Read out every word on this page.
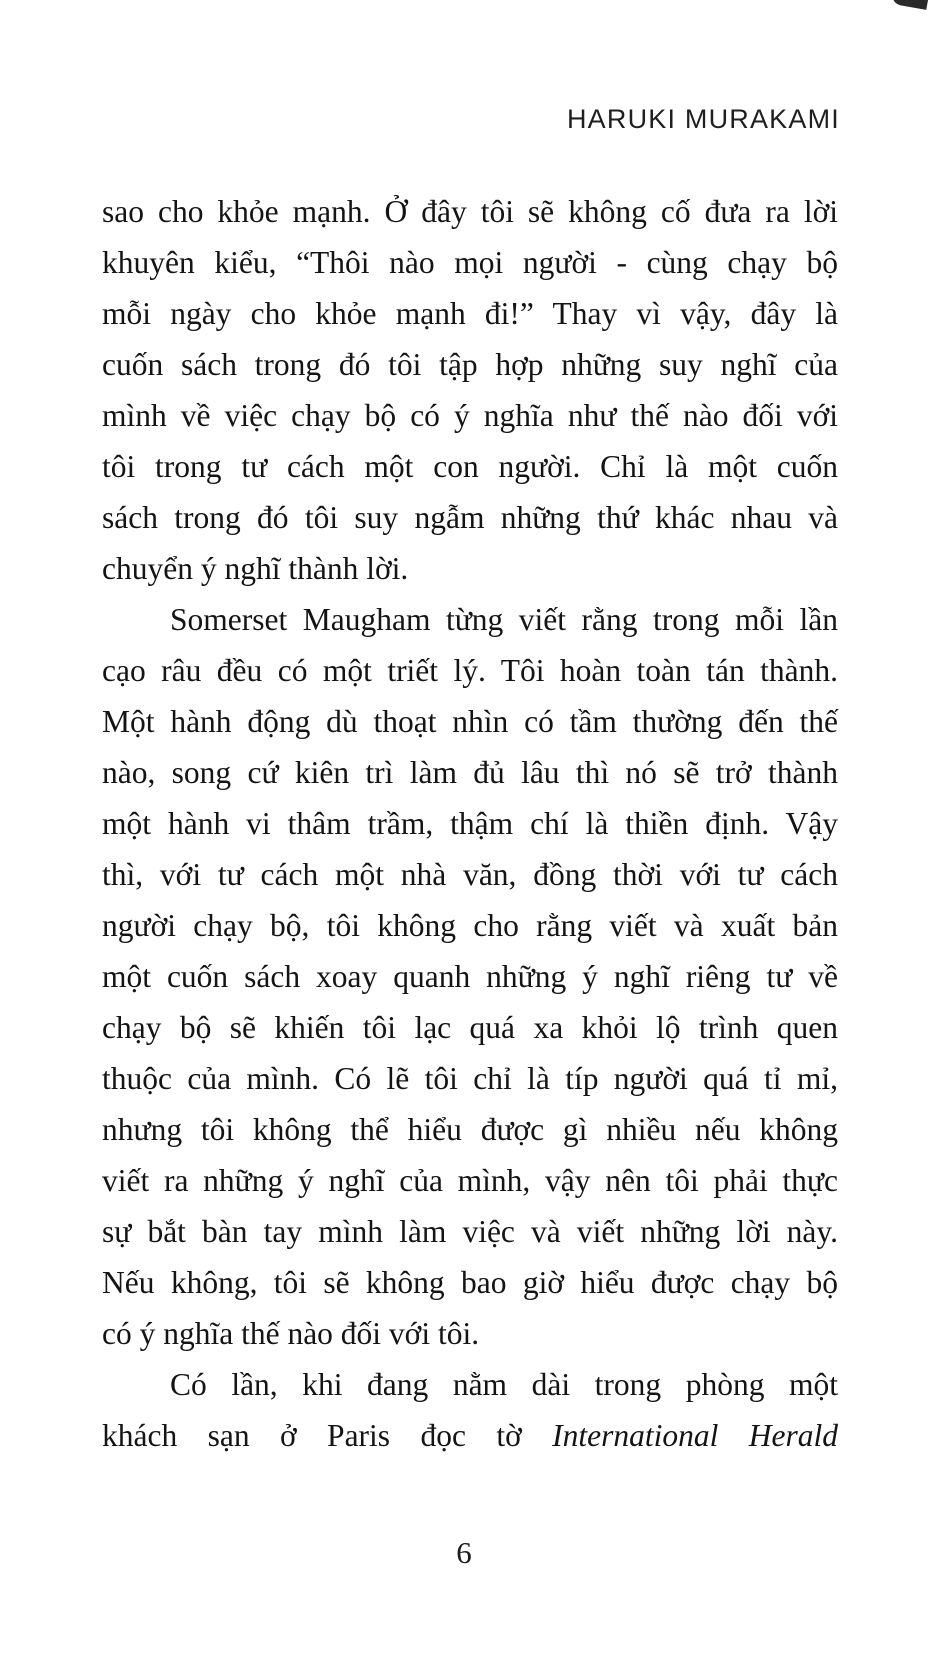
HARUKI MURAKAMI
sao cho khỏe mạnh. Ở đây tôi sẽ không cố đưa ra lời
khuyên kiểu, “Thôi nào mọi người - cùng chạy bộ
mỗi ngày cho khỏe mạnh đi!” Thay vì vậy, đây là
cuốn sách trong đó tôi tập hợp những suy nghĩ của
mình về việc chạy bộ có ý nghĩa như thế nào đối với
tôi trong tư cách một con người. Chỉ là một cuốn
sách trong đó tôi suy ngẫm những thứ khác nhau và
chuyển ý nghĩ thành lời.
Somerset Maugham từng viết rằng trong mỗi lần
cạo râu đều có một triết lý. Tôi hoàn toàn tán thành.
Một hành động dù thoạt nhìn có tầm thường đến thế
nào, song cứ kiên trì làm đủ lâu thì nó sẽ trở thành
một hành vi thâm trầm, thậm chí là thiền định. Vậy
thì, với tư cách một nhà văn, đồng thời với tư cách
người chạy bộ, tôi không cho rằng viết và xuất bản
một cuốn sách xoay quanh những ý nghĩ riêng tư về
chạy bộ sẽ khiến tôi lạc quá xa khỏi lộ trình quen
thuộc của mình. Có lẽ tôi chỉ là típ người quá tỉ mỉ,
nhưng tôi không thể hiểu được gì nhiều nếu không
viết ra những ý nghĩ của mình, vậy nên tôi phải thực
sự bắt bàn tay mình làm việc và viết những lời này.
Nếu không, tôi sẽ không bao giờ hiểu được chạy bộ
có ý nghĩa thế nào đối với tôi.
Có lần, khi đang nằm dài trong phòng một
khách sạn ở Paris đọc tờ International Herald
6
